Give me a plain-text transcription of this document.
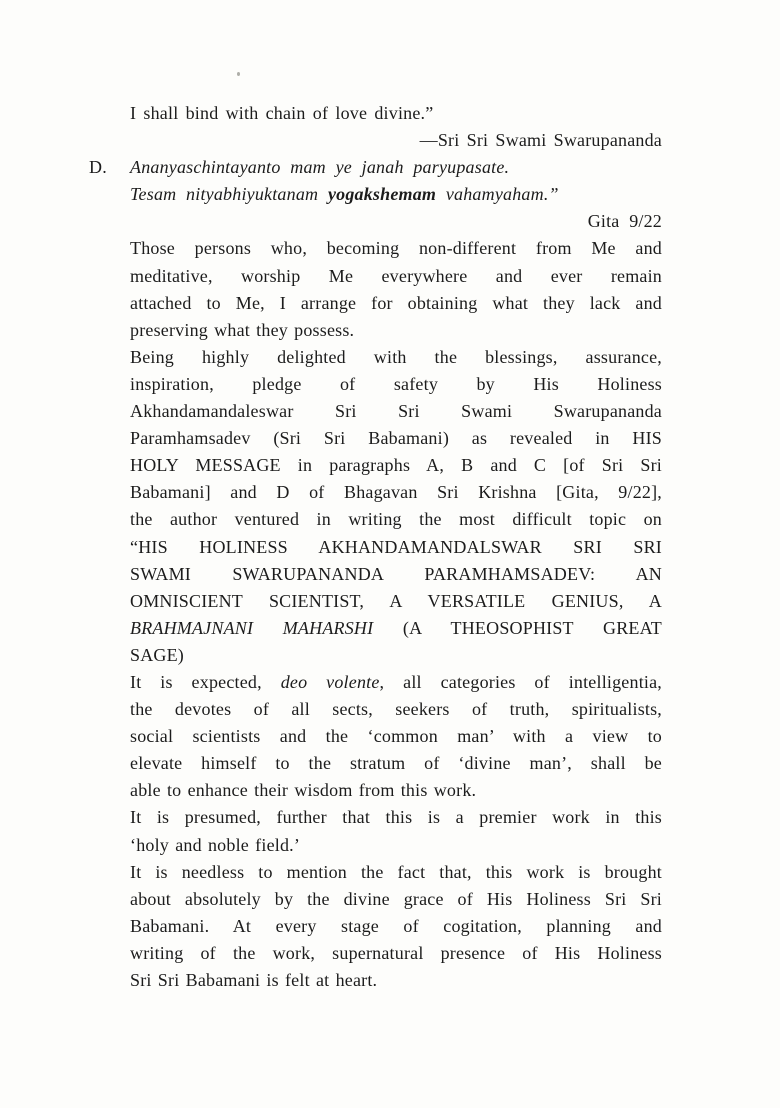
I shall bind with chain of love divine.”
—Sri Sri Swami Swarupananda
D. Ananyaschintayanto mam ye janah paryupasate.
Tesam nityabhiyuktanam yogakshemam vahamyaham.”
Gita 9/22
Those persons who, becoming non-different from Me and
meditative, worship Me everywhere and ever remain
attached to Me, I arrange for obtaining what they lack and
preserving what they possess.
Being highly delighted with the blessings, assurance,
inspiration, pledge of safety by His Holiness
Akhandamandaleswar Sri Sri Swami Swarupananda
Paramhamsadev (Sri Sri Babamani) as revealed in HIS
HOLY MESSAGE in paragraphs A, B and C [of Sri Sri
Babamani] and D of Bhagavan Sri Krishna [Gita, 9/22],
the author ventured in writing the most difficult topic on
“HIS HOLINESS AKHANDAMANDALSWAR SRI SRI
SWAMI SWARUPANANDA PARAMHAMSADEV: AN
OMNISCIENT SCIENTIST, A VERSATILE GENIUS, A
BRAHMAJNANI MAHARSHI (A THEOSOPHIST GREAT
SAGE)
It is expected, deo volente, all categories of intelligentia,
the devotes of all sects, seekers of truth, spiritualists,
social scientists and the ‘common man’ with a view to
elevate himself to the stratum of ‘divine man’, shall be
able to enhance their wisdom from this work.
It is presumed, further that this is a premier work in this
‘holy and noble field.’
It is needless to mention the fact that, this work is brought
about absolutely by the divine grace of His Holiness Sri Sri
Babamani. At every stage of cogitation, planning and
writing of the work, supernatural presence of His Holiness
Sri Sri Babamani is felt at heart.
